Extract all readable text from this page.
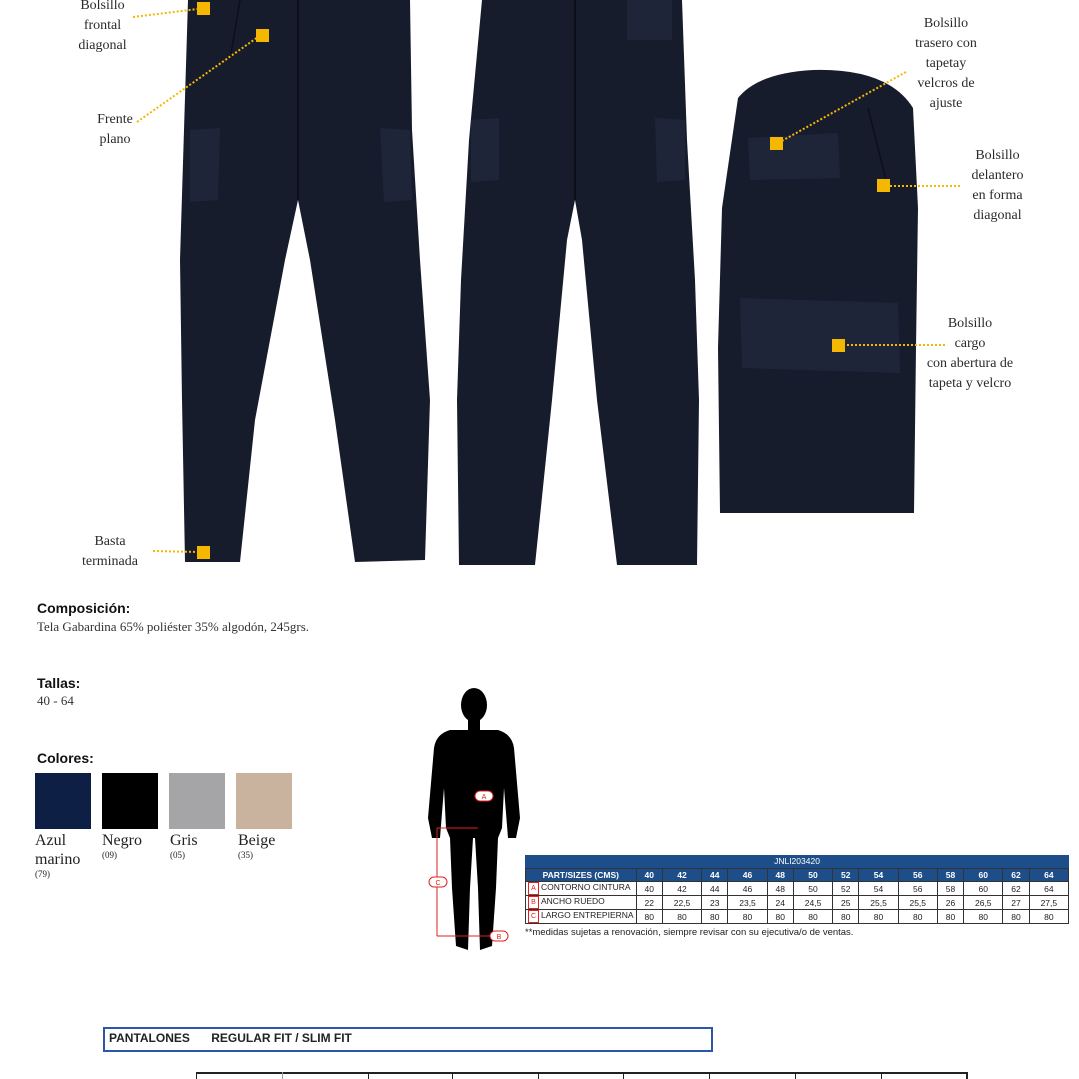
Bolsillo
frontal
diagonal
Frente
plano
Basta
terminada
Bolsillo
trasero con
tapetay
velcros de
ajuste
Bolsillo
delantero
en forma
diagonal
Bolsillo
cargo
con abertura de
tapeta y velcro
Composición:
Tela Gabardina 65% poliéster 35% algodón, 245grs.
Tallas:
40 - 64
Colores:
Azul
marino
(79)
Negro
(09)
Gris
(05)
Beige
(35)
A
C
B
JNLI203420
PART/SIZES (CMS)	40	42	44	46	48	50	52	54	56	58	60	62	64
A CONTORNO CINTURA	40	42	44	46	48	50	52	54	56	58	60	62	64
B ANCHO RUEDO	22	22,5	23	23,5	24	24,5	25	25,5	25,5	26	26,5	27	27,5
C LARGO ENTREPIERNA	80	80	80	80	80	80	80	80	80	80	80	80	80
**medidas sujetas a renovación, siempre revisar con su ejecutiva/o de ventas.
PANTALONES REGULAR FIT / SLIM FIT
